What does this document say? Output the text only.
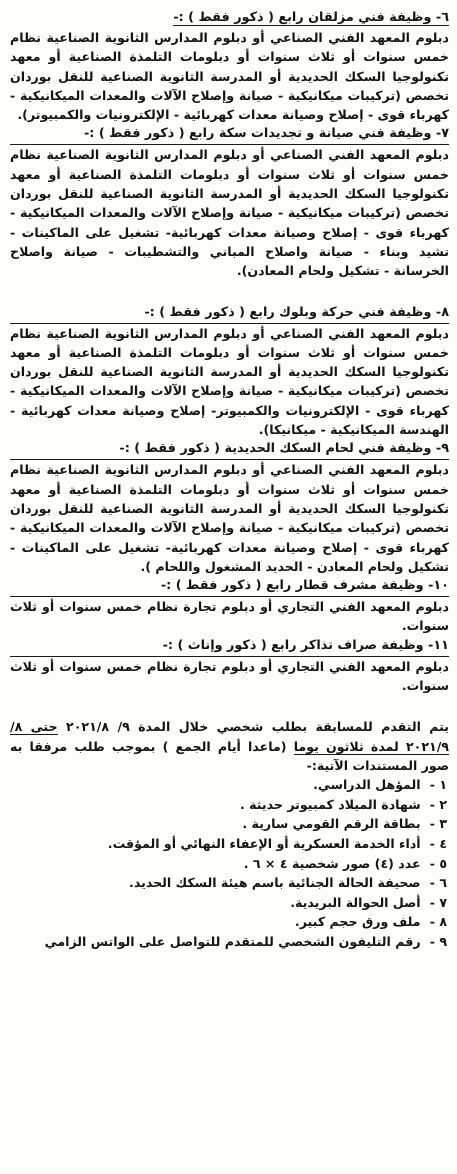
٦- وظيفة فني مزلقان رابع ( ذكور فقط ) :-

دبلوم المعهد الفني الصناعي أو دبلوم المدارس الثانوية الصناعية نظام خمس سنوات أو ثلاث سنوات أو دبلومات التلمذة الصناعية أو معهد تكنولوجيا السكك الحديدية أو المدرسة الثانوية الصناعية للنقل بوردان تخصص (تركيبات ميكانيكية - صيانة وإصلاح الآلات والمعدات الميكانيكية - كهرباء قوى - إصلاح وصيانة معدات كهربائية - الإلكترونيات والكمبيوتر).

٧- وظيفة فني صيانة و تجديدات سكة رابع ( ذكور فقط ) :-

دبلوم المعهد الفني الصناعي أو دبلوم المدارس الثانوية الصناعية نظام خمس سنوات أو ثلاث سنوات أو دبلومات التلمذة الصناعية أو معهد تكنولوجيا السكك الحديدية أو المدرسة الثانوية الصناعية للنقل بوردان تخصص (تركيبات ميكانيكية - صيانة وإصلاح الآلات والمعدات الميكانيكية - كهرباء قوى - إصلاح وصيانة معدات كهربائية- تشغيل على الماكينات - تشيد وبناء - صيانة واصلاح المباني والتشطيبات - صيانة واصلاح الخرسانة - تشكيل ولحام المعادن).

٨- وظيفة فني حركة وبلوك رابع ( ذكور فقط ) :-

دبلوم المعهد الفني الصناعي أو دبلوم المدارس الثانوية الصناعية نظام خمس سنوات أو ثلاث سنوات أو دبلومات التلمذة الصناعية أو معهد تكنولوجيا السكك الحديدية أو المدرسة الثانوية الصناعية للنقل بوردان تخصص (تركيبات ميكانيكية - صيانة وإصلاح الآلات والمعدات الميكانيكية - كهرباء قوى - الإلكترونيات والكمبيوتر- إصلاح وصيانة معدات كهربائية - الهندسة الميكانيكية - ميكانيكا).

٩- وظيفة فني لحام السكك الحديدية ( ذكور فقط ) :-

دبلوم المعهد الفني الصناعي أو دبلوم المدارس الثانوية الصناعية نظام خمس سنوات أو ثلاث سنوات أو دبلومات التلمذة الصناعية أو معهد تكنولوجيا السكك الحديدية أو المدرسة الثانوية الصناعية للنقل بوردان تخصص (تركيبات ميكانيكية - صيانة وإصلاح الآلات والمعدات الميكانيكية - كهرباء قوى - إصلاح وصيانة معدات كهربائية- تشغيل على الماكينات - تشكيل ولحام المعادن - الحديد المشغول واللحام ).

١٠- وظيفة مشرف قطار رابع ( ذكور فقط ) :-

دبلوم المعهد الفني التجاري أو دبلوم تجارة نظام خمس سنوات أو ثلاث سنوات.

١١- وظيفة صراف تذاكر رابع ( ذكور وإناث ) :-

دبلوم المعهد الفني التجاري أو دبلوم تجارة نظام خمس سنوات أو ثلاث سنوات.

يتم التقدم للمسابقة بطلب شخصي خلال المدة ٩/ ٢٠٢١/٨ حتى ٨/ ٢٠٢١/٩ لمدة ثلاثون يوما (ماعدا أيام الجمع ) بموجب طلب مرفقا به صور المستندات الآتية:-

١ - المؤهل الدراسي.
٢ - شهادة الميلاد كمبيوتر حديثة .
٣ - بطاقة الرقم القومي سارية .
٤ - أداء الخدمة العسكرية أو الإعفاء النهائي أو المؤقت.
٥ - عدد (٤) صور شخصية ٤ × ٦ .
٦ - صحيفة الحالة الجنائية باسم هيئة السكك الحديد.
٧ - أصل الحوالة البريدية.
٨ - ملف ورق حجم كبير.
٩ - رقم التليفون الشخصي للمتقدم للتواصل على الواتس الزامي
